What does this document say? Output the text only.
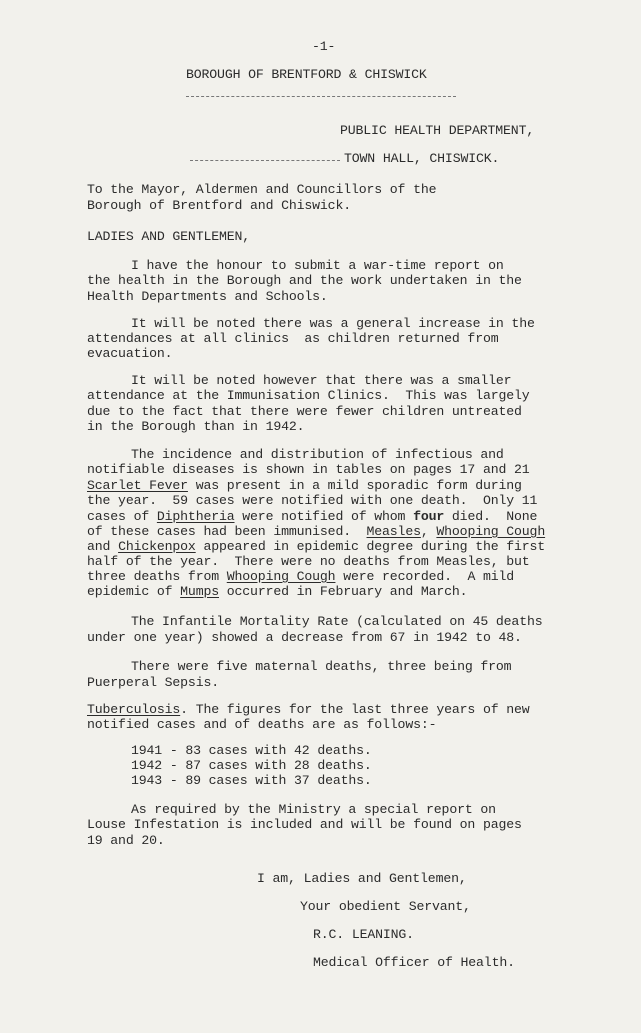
-1-

BOROUGH OF BRENTFORD & CHISWICK

PUBLIC HEALTH DEPARTMENT,

TOWN HALL, CHISWICK.

To the Mayor, Aldermen and Councillors of the

Borough of Brentford and Chiswick.

LADIES AND GENTLEMEN,

I have the honour to submit a war-time report on

the health in the Borough and the work undertaken in the

Health Departments and Schools.

It will be noted there was a general increase in the

attendances at all clinics  as children returned from

evacuation.

It will be noted however that there was a smaller

attendance at the Immunisation Clinics.  This was largely

due to the fact that there were fewer children untreated

in the Borough than in 1942.

The incidence and distribution of infectious and

notifiable diseases is shown in tables on pages 17 and 21

Scarlet Fever was present in a mild sporadic form during

the year.  59 cases were notified with one death.  Only 11

cases of Diphtheria were notified of whom four died.  None

of these cases had been immunised.  Measles, Whooping Cough

and Chickenpox appeared in epidemic degree during the first

half of the year.  There were no deaths from Measles, but

three deaths from Whooping Cough were recorded.  A mild

epidemic of Mumps occurred in February and March.

The Infantile Mortality Rate (calculated on 45 deaths

under one year) showed a decrease from 67 in 1942 to 48.

There were five maternal deaths, three being from

Puerperal Sepsis.

Tuberculosis. The figures for the last three years of new

notified cases and of deaths are as follows:-

1941 - 83 cases with 42 deaths.

1942 - 87 cases with 28 deaths.

1943 - 89 cases with 37 deaths.

As required by the Ministry a special report on

Louse Infestation is included and will be found on pages

19 and 20.

I am, Ladies and Gentlemen,

Your obedient Servant,

R.C. LEANING.

Medical Officer of Health.
